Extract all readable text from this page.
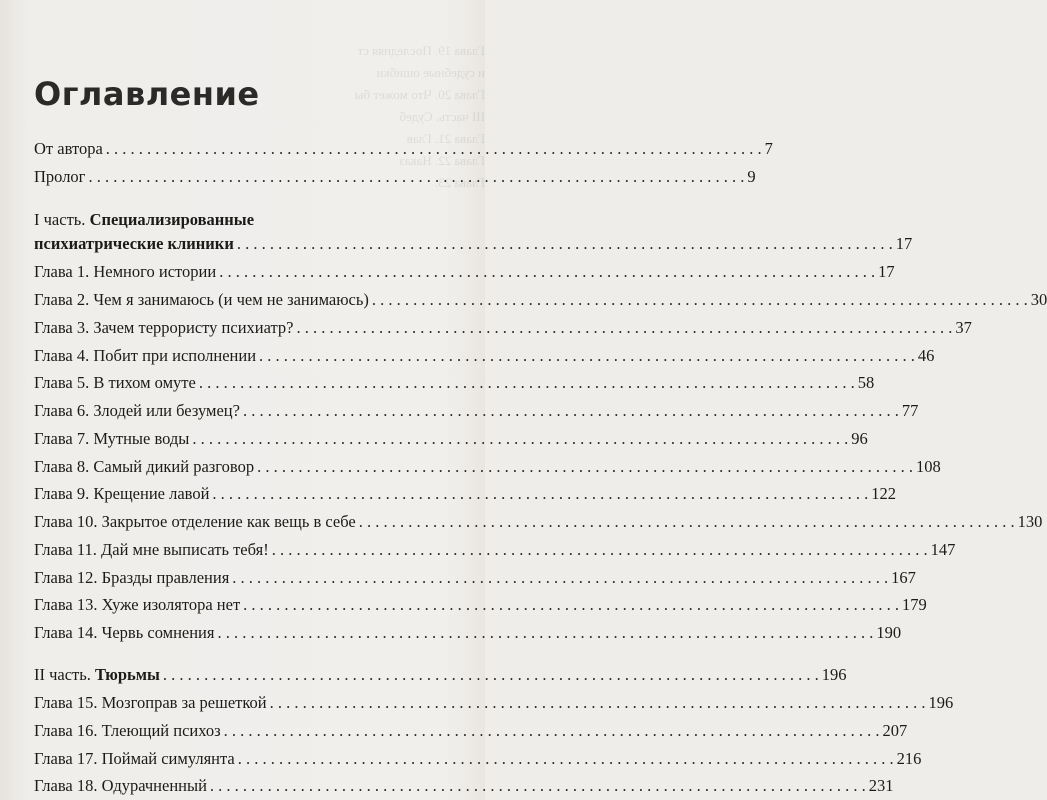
Глава 19. Последняя ст
и судебные ошибки
Глава 20. Что может бы
III часть. Судеб
Глава 21. Глав
Глава 22. Наказ
Глава 23.
Оглавление
От автора . . .	7
Пролог . . .	9
I часть. Специализированные
психиатрические клиники . . .	17
Глава 1. Немного истории . . .	17
Глава 2. Чем я занимаюсь (и чем не занимаюсь) . . .	30
Глава 3. Зачем террористу психиатр? . . .	37
Глава 4. Побит при исполнении . . .	46
Глава 5. В тихом омуте . . .	58
Глава 6. Злодей или безумец? . . .	77
Глава 7. Мутные воды . . .	96
Глава 8. Самый дикий разговор . . .	108
Глава 9. Крещение лавой . . .	122
Глава 10. Закрытое отделение как вещь в себе . . .	130
Глава 11. Дай мне выписать тебя! . . .	147
Глава 12. Бразды правления . . .	167
Глава 13. Хуже изолятора нет . . .	179
Глава 14. Червь сомнения . . .	190
II часть. Тюрьмы . . .	196
Глава 15. Мозгоправ за решеткой . . .	196
Глава 16. Тлеющий психоз . . .	207
Глава 17. Поймай симулянта . . .	216
Глава 18. Одурачненный . . .	231
